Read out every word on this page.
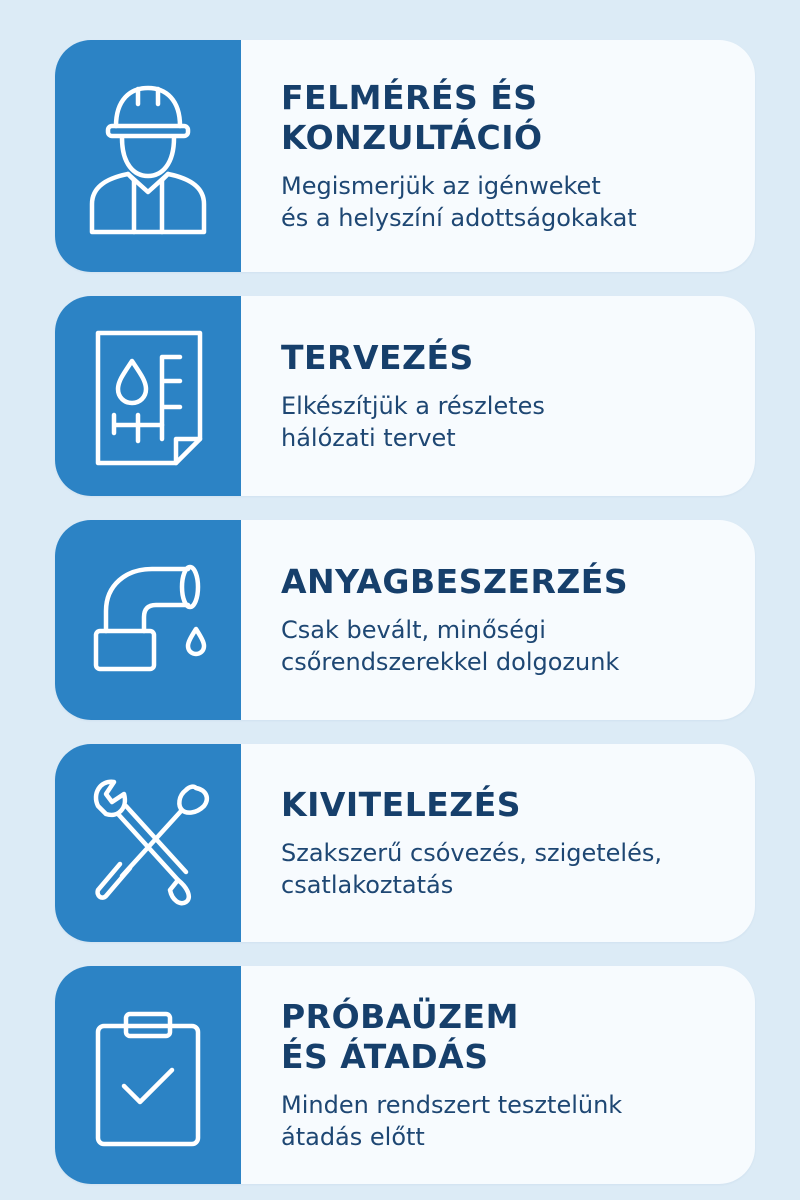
FELMÉRÉS ÉS
KONZULTÁCIÓ

Megismerjük az igénweket
és a helyszíní adottságokakat

TERVEZÉS

Elkészítjük a részletes
hálózati tervet

ANYAGBESZERZÉS

Csak bevált, minőségi
csőrendszerekkel dolgozunk

KIVITELEZÉS

Szakszerű csóvezés, szigetelés,
csatlakoztatás

PRÓBAÜZEM
ÉS ÁTADÁS

Minden rendszert tesztelünk
átadás előtt
